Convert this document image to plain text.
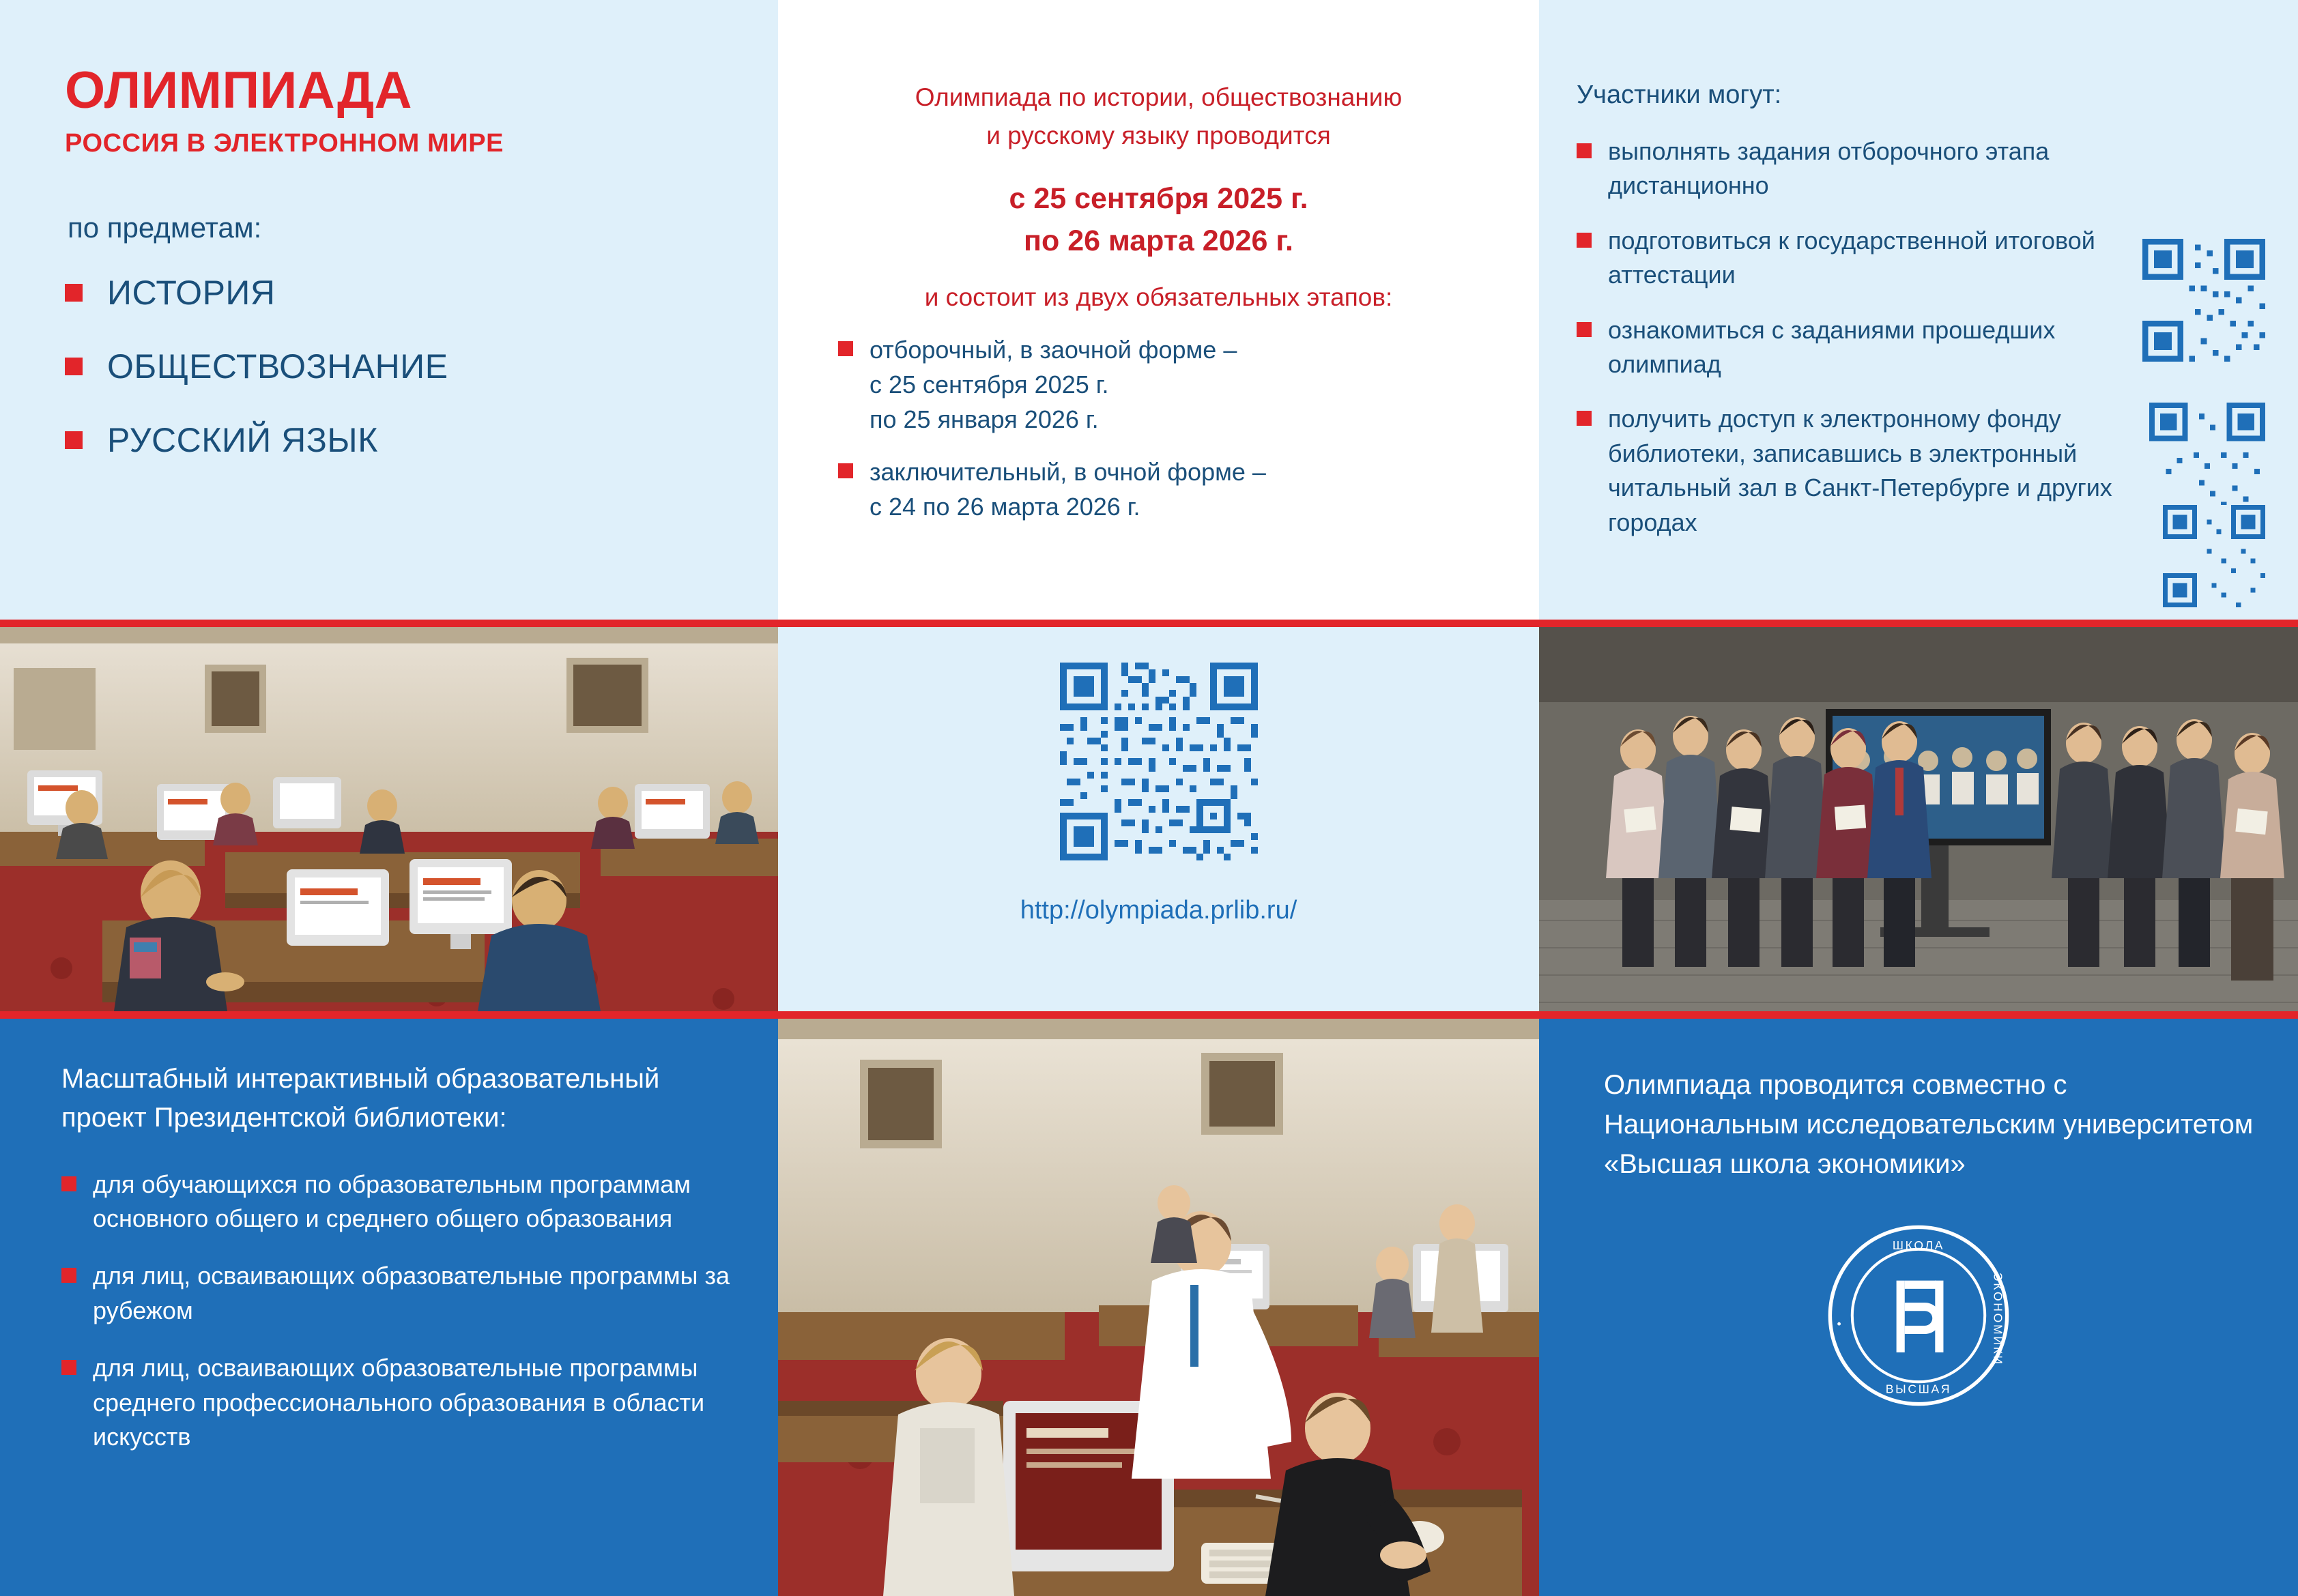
ОЛИМПИАДА
РОССИЯ В ЭЛЕКТРОННОМ МИРЕ
по предметам:
ИСТОРИЯ
ОБЩЕСТВОЗНАНИЕ
РУССКИЙ ЯЗЫК

Олимпиада по истории, обществознанию

и русскому языку проводится

с 25 сентября 2025 г.
по 26 марта 2026 г.

и состоит из двух обязательных этапов:

отборочный, в заочной форме –
с 25 сентября 2025 г.
по 25 января 2026 г.
заключительный, в очной форме –
с 24 по 26 марта 2026 г.
Участники могут:
выполнять задания отборочного этапа дистанционно
подготовиться к государственной итоговой аттестации
ознакомиться с заданиями прошедших олимпиад
получить доступ к электронному фонду библиотеки, записавшись в электронный читальный зал в Санкт-Петербурге и других городах
http://olympiada.prlib.ru/
Масштабный интерактивный образовательный проект Президентской библиотеки:
для обучающихся по образовательным программам основного общего и среднего общего образования
для лиц, осваивающих образовательные программы за рубежом
для лиц, осваивающих образовательные программы среднего профессионального образования в области искусств

Олимпиада проводится совместно с Национальным исследовательским университетом «Высшая школа экономики»

ШКОЛА
ВЫСШАЯ
•	ЭКОНОМИКИ
